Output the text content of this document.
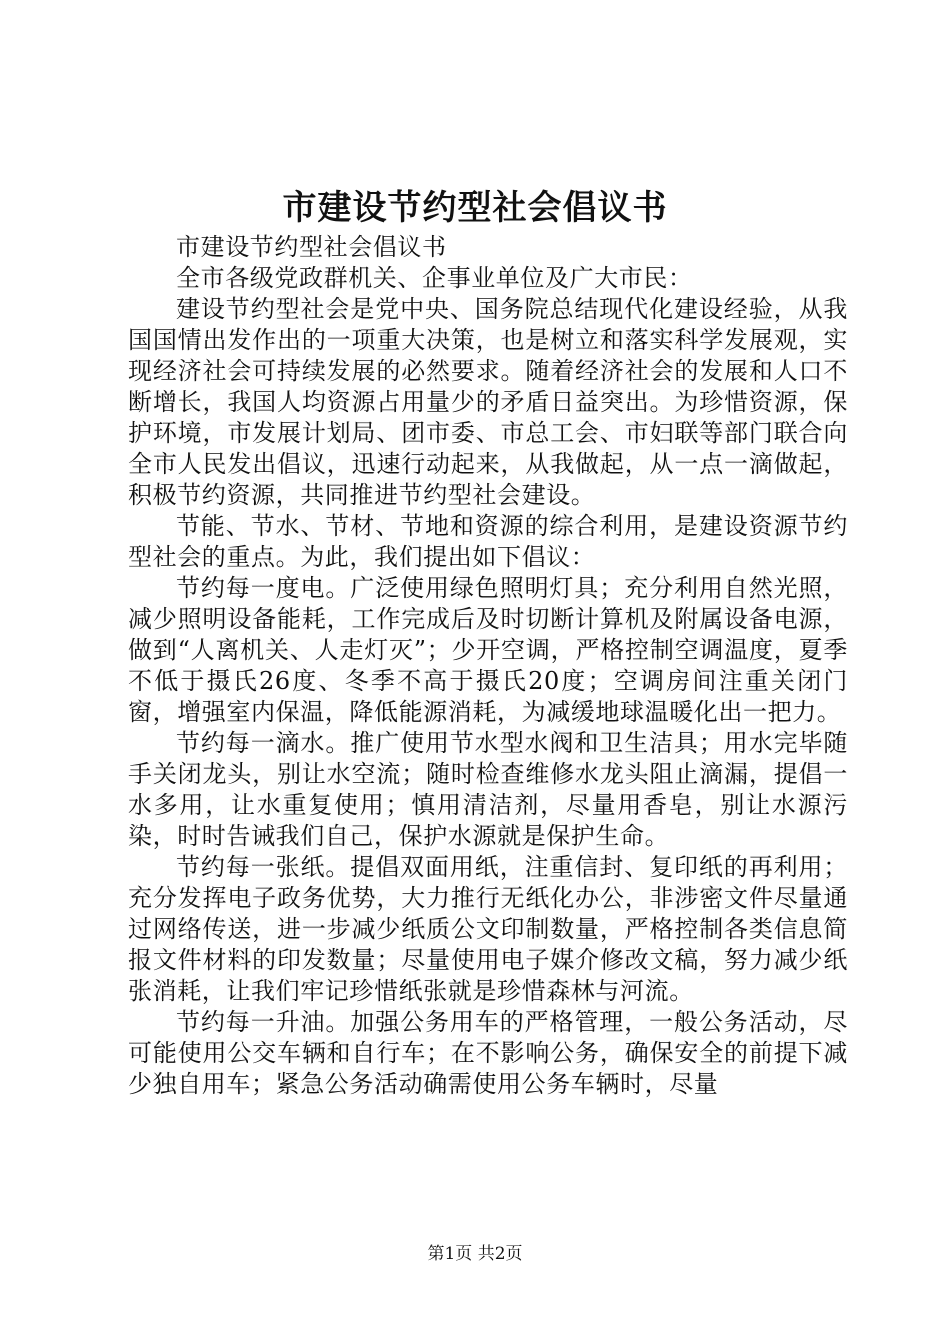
市建设节约型社会倡议书

市建设节约型社会倡议书

全市各级党政群机关、企事业单位及广大市民：

建设节约型社会是党中央、国务院总结现代化建设经验，从我国国情出发作出的一项重大决策，也是树立和落实科学发展观，实现经济社会可持续发展的必然要求。随着经济社会的发展和人口不断增长，我国人均资源占用量少的矛盾日益突出。为珍惜资源，保护环境，市发展计划局、团市委、市总工会、市妇联等部门联合向全市人民发出倡议，迅速行动起来，从我做起，从一点一滴做起，积极节约资源，共同推进节约型社会建设。

节能、节水、节材、节地和资源的综合利用，是建设资源节约型社会的重点。为此，我们提出如下倡议：

节约每一度电。广泛使用绿色照明灯具；充分利用自然光照，减少照明设备能耗，工作完成后及时切断计算机及附属设备电源，做到“人离机关、人走灯灭”；少开空调，严格控制空调温度，夏季不低于摄氏26度、冬季不高于摄氏20度；空调房间注重关闭门窗，增强室内保温，降低能源消耗，为减缓地球温暖化出一把力。

节约每一滴水。推广使用节水型水阀和卫生洁具；用水完毕随手关闭龙头，别让水空流；随时检查维修水龙头阻止滴漏，提倡一水多用，让水重复使用；慎用清洁剂，尽量用香皂，别让水源污染，时时告诫我们自己，保护水源就是保护生命。

节约每一张纸。提倡双面用纸，注重信封、复印纸的再利用；充分发挥电子政务优势，大力推行无纸化办公，非涉密文件尽量通过网络传送，进一步减少纸质公文印制数量，严格控制各类信息简报文件材料的印发数量；尽量使用电子媒介修改文稿，努力减少纸张消耗，让我们牢记珍惜纸张就是珍惜森林与河流。

节约每一升油。加强公务用车的严格管理，一般公务活动，尽可能使用公交车辆和自行车；在不影响公务，确保安全的前提下减少独自用车；紧急公务活动确需使用公务车辆时，尽量

第1页 共2页
